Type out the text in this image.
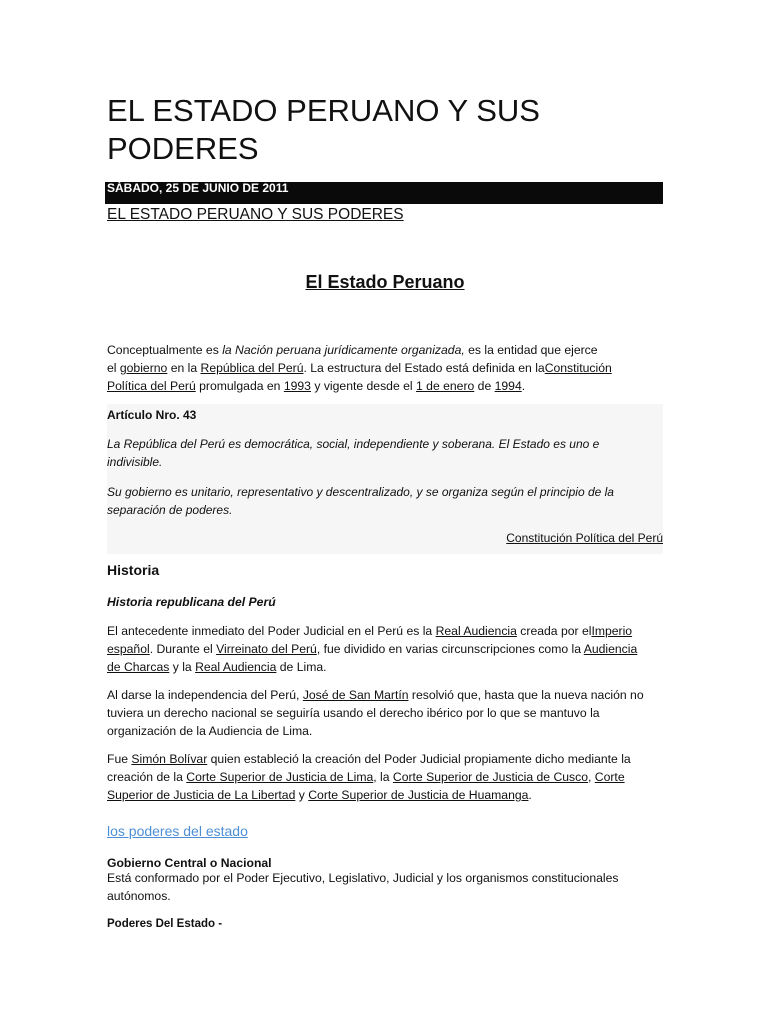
EL ESTADO PERUANO Y SUS
PODERES
SÁBADO, 25 DE JUNIO DE 2011
EL ESTADO PERUANO Y SUS PODERES
El Estado Peruano
Conceptualmente es la Nación peruana jurídicamente organizada, es la entidad que ejerce
el gobierno en la República del Perú. La estructura del Estado está definida en laConstitución
Política del Perú promulgada en 1993 y vigente desde el 1 de enero de 1994.
Artículo Nro. 43
La República del Perú es democrática, social, independiente y soberana. El Estado es uno e
indivisible.
Su gobierno es unitario, representativo y descentralizado, y se organiza según el principio de la
separación de poderes.
Constitución Política del Perú
Historia
Historia republicana del Perú
El antecedente inmediato del Poder Judicial en el Perú es la Real Audiencia creada por elImperio
español. Durante el Virreinato del Perú, fue dividido en varias circunscripciones como la Audiencia
de Charcas y la Real Audiencia de Lima.
Al darse la independencia del Perú, José de San Martín resolvió que, hasta que la nueva nación no
tuviera un derecho nacional se seguiría usando el derecho ibérico por lo que se mantuvo la
organización de la Audiencia de Lima.
Fue Simón Bolívar quien estableció la creación del Poder Judicial propiamente dicho mediante la
creación de la Corte Superior de Justicia de Lima, la Corte Superior de Justicia de Cusco, Corte
Superior de Justicia de La Libertad y Corte Superior de Justicia de Huamanga.
los poderes del estado
Gobierno Central o Nacional
Está conformado por el Poder Ejecutivo, Legislativo, Judicial y los organismos constitucionales
autónomos.
Poderes Del Estado -
